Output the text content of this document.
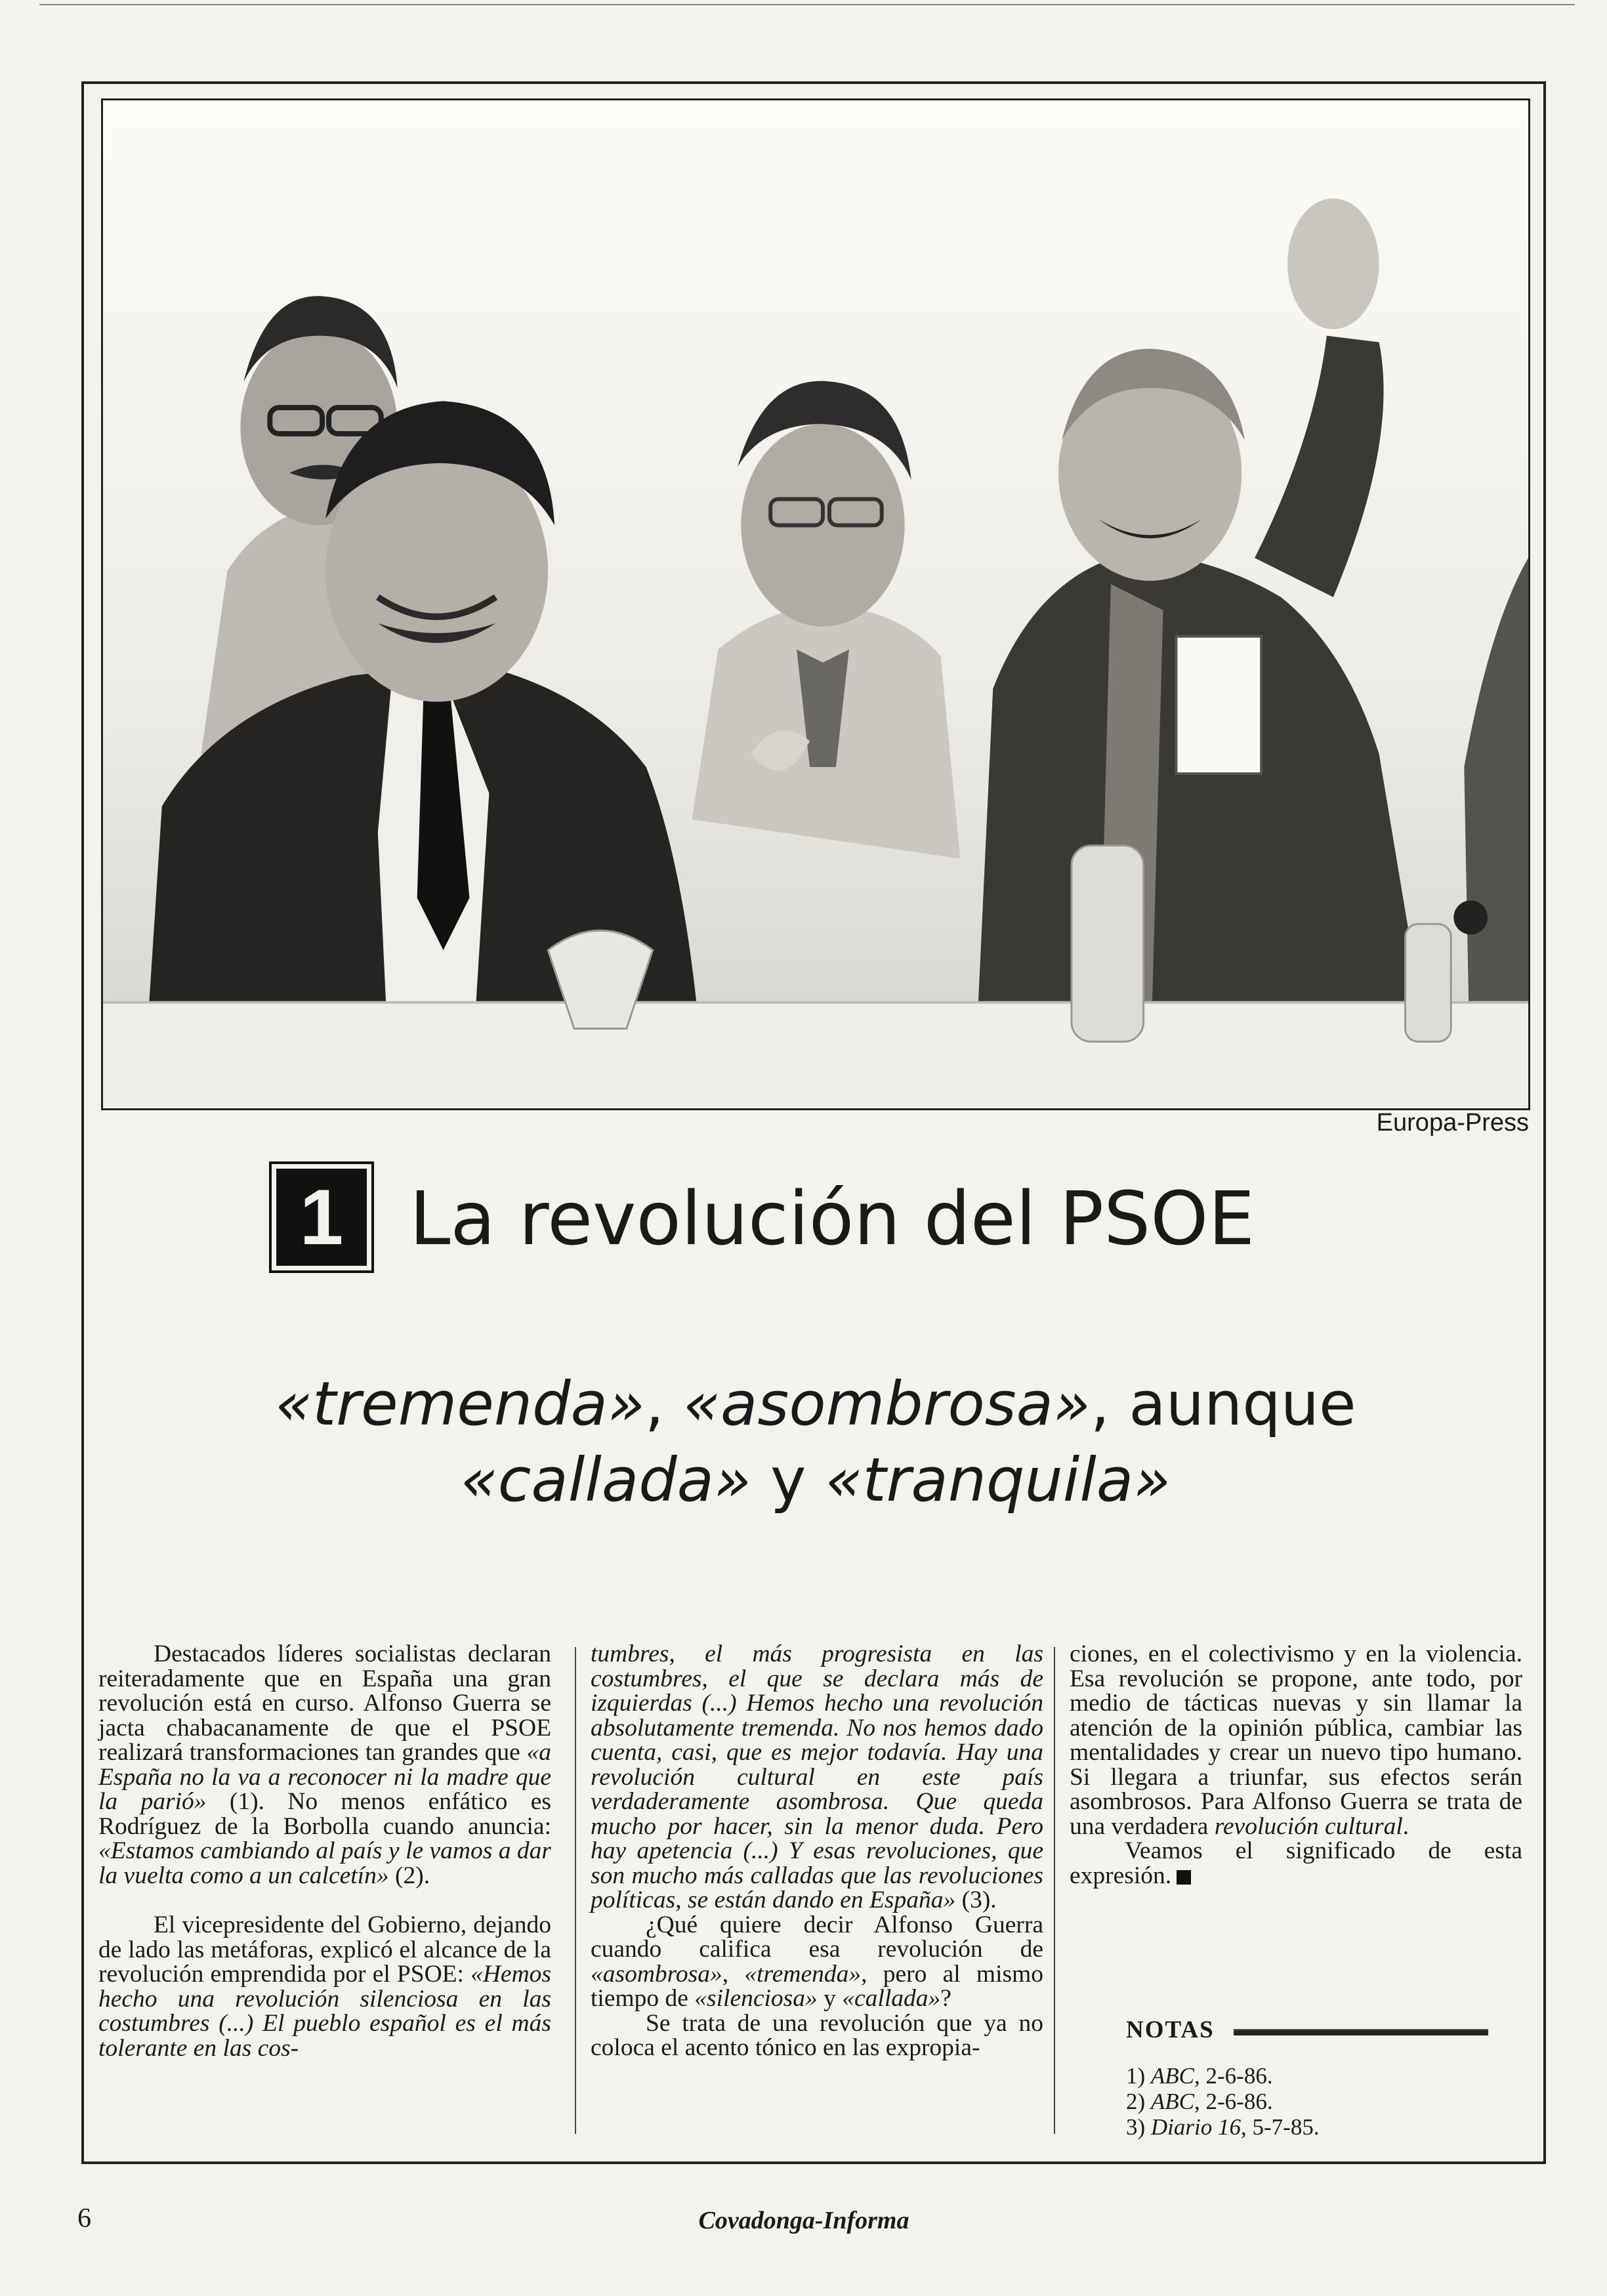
Europa-Press
1 La revolución del PSOE
«tremenda», «asombrosa», aunque
«callada» y «tranquila»

Destacados líderes socialistas declaran reiteradamente que en España una gran revolución está en curso. Alfonso Guerra se jacta chabacanamente de que el PSOE realizará transformaciones tan grandes que «a España no la va a reconocer ni la madre que la parió» (1). No menos enfático es Rodríguez de la Borbolla cuando anuncia: «Estamos cambiando al país y le vamos a dar la vuelta como a un calcetín» (2).

El vicepresidente del Gobierno, dejando de lado las metáforas, explicó el alcance de la revolución emprendida por el PSOE: «Hemos hecho una revolución silenciosa en las costumbres (...) El pueblo español es el más tolerante en las cos-

tumbres, el más progresista en las costumbres, el que se declara más de izquierdas (...) Hemos hecho una revolución absolutamente tremenda. No nos hemos dado cuenta, casi, que es mejor todavía. Hay una revolución cultural en este país verdaderamente asombrosa. Que queda mucho por hacer, sin la menor duda. Pero hay apetencia (...) Y esas revoluciones, que son mucho más calladas que las revoluciones políticas, se están dando en España» (3).

¿Qué quiere decir Alfonso Guerra cuando califica esa revolución de «asombrosa», «tremenda», pero al mismo tiempo de «silenciosa» y «callada»?

Se trata de una revolución que ya no coloca el acento tónico en las expropia-

ciones, en el colectivismo y en la violencia. Esa revolución se propone, ante todo, por medio de tácticas nuevas y sin llamar la atención de la opinión pública, cambiar las mentalidades y crear un nuevo tipo humano. Si llegara a triunfar, sus efectos serán asombrosos. Para Alfonso Guerra se trata de una verdadera revolución cultural.

Veamos el significado de esta expresión.

NOTAS
1) ABC, 2-6-86.
2) ABC, 2-6-86.
3) Diario 16, 5-7-85.
6	Covadonga-Informa
